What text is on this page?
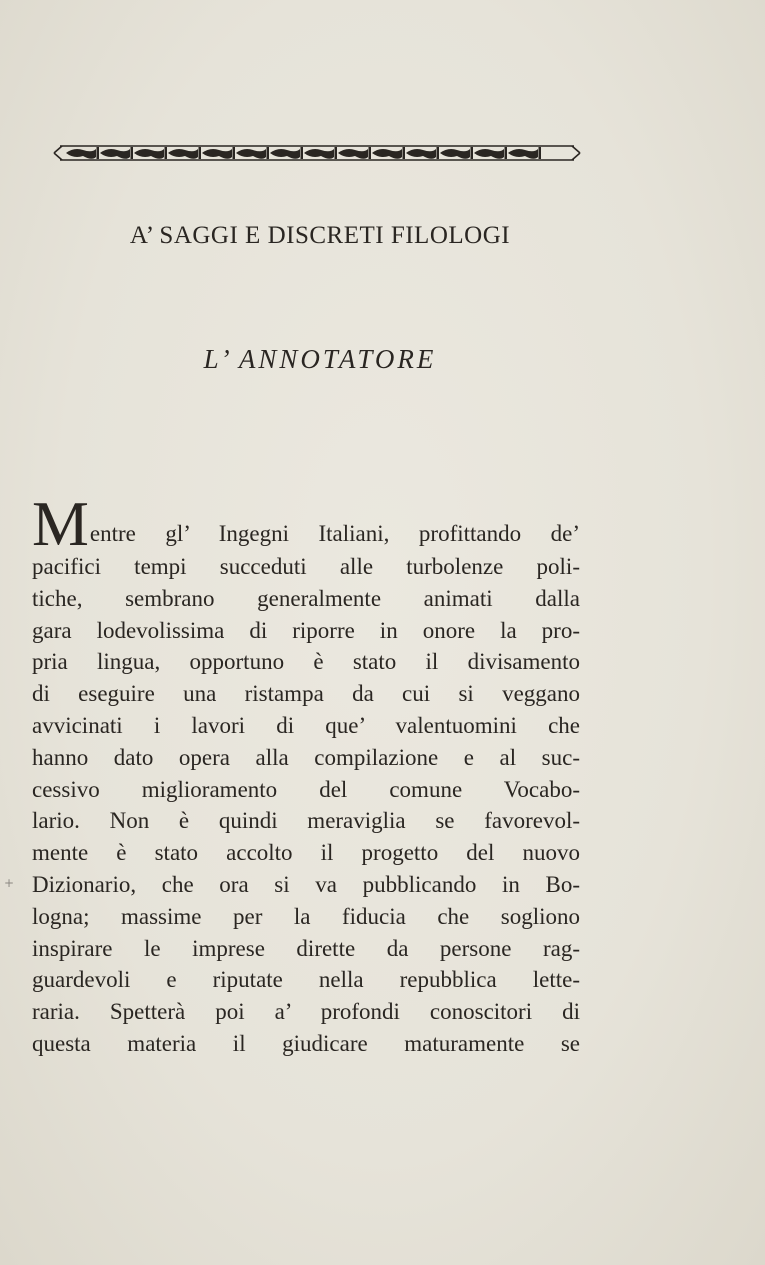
A’ SAGGI E DISCRETI FILOLOGI
L’ ANNOTATORE
Mentre gl’ Ingegni Italiani, profittando de’
pacifici tempi succeduti alle turbolenze poli-
tiche, sembrano generalmente animati dalla
gara lodevolissima di riporre in onore la pro-
pria lingua, opportuno è stato il divisamento
di eseguire una ristampa da cui si veggano
avvicinati i lavori di que’ valentuomini che
hanno dato opera alla compilazione e al suc-
cessivo miglioramento del comune Vocabo-
lario. Non è quindi meraviglia se favorevol-
mente è stato accolto il progetto del nuovo
Dizionario, che ora si va pubblicando in Bo-
logna; massime per la fiducia che sogliono
inspirare le imprese dirette da persone rag-
guardevoli e riputate nella repubblica lette-
raria. Spetterà poi a’ profondi conoscitori di
questa materia il giudicare maturamente se
+
